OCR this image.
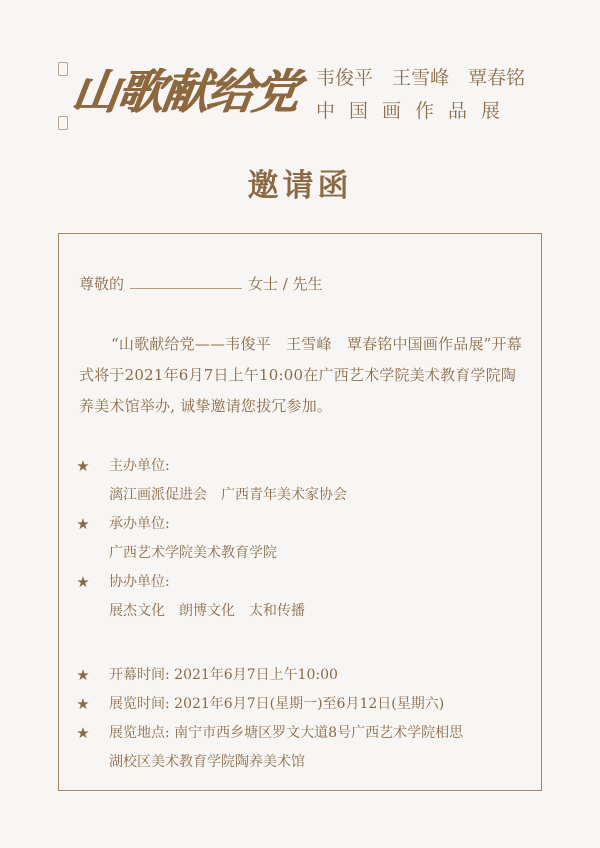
山歌献给党 韦俊平 王雪峰 覃春铭
中国画作品展
邀请函
尊敬的	女士 / 先生
“山歌献给党——韦俊平　王雪峰　覃春铭中国画作品展”开幕式将于2021年6月7日上午10:00在广西艺术学院美术教育学院陶养美术馆举办, 诚挚邀请您拔冗参加。
★ 主办单位:
漓江画派促进会　广西青年美术家协会
★ 承办单位:
广西艺术学院美术教育学院
★ 协办单位:
展杰文化　朗博文化　太和传播
★ 开幕时间: 2021年6月7日上午10:00
★ 展览时间: 2021年6月7日(星期一)至6月12日(星期六)
★ 展览地点: 南宁市西乡塘区罗文大道8号广西艺术学院相思
湖校区美术教育学院陶养美术馆
